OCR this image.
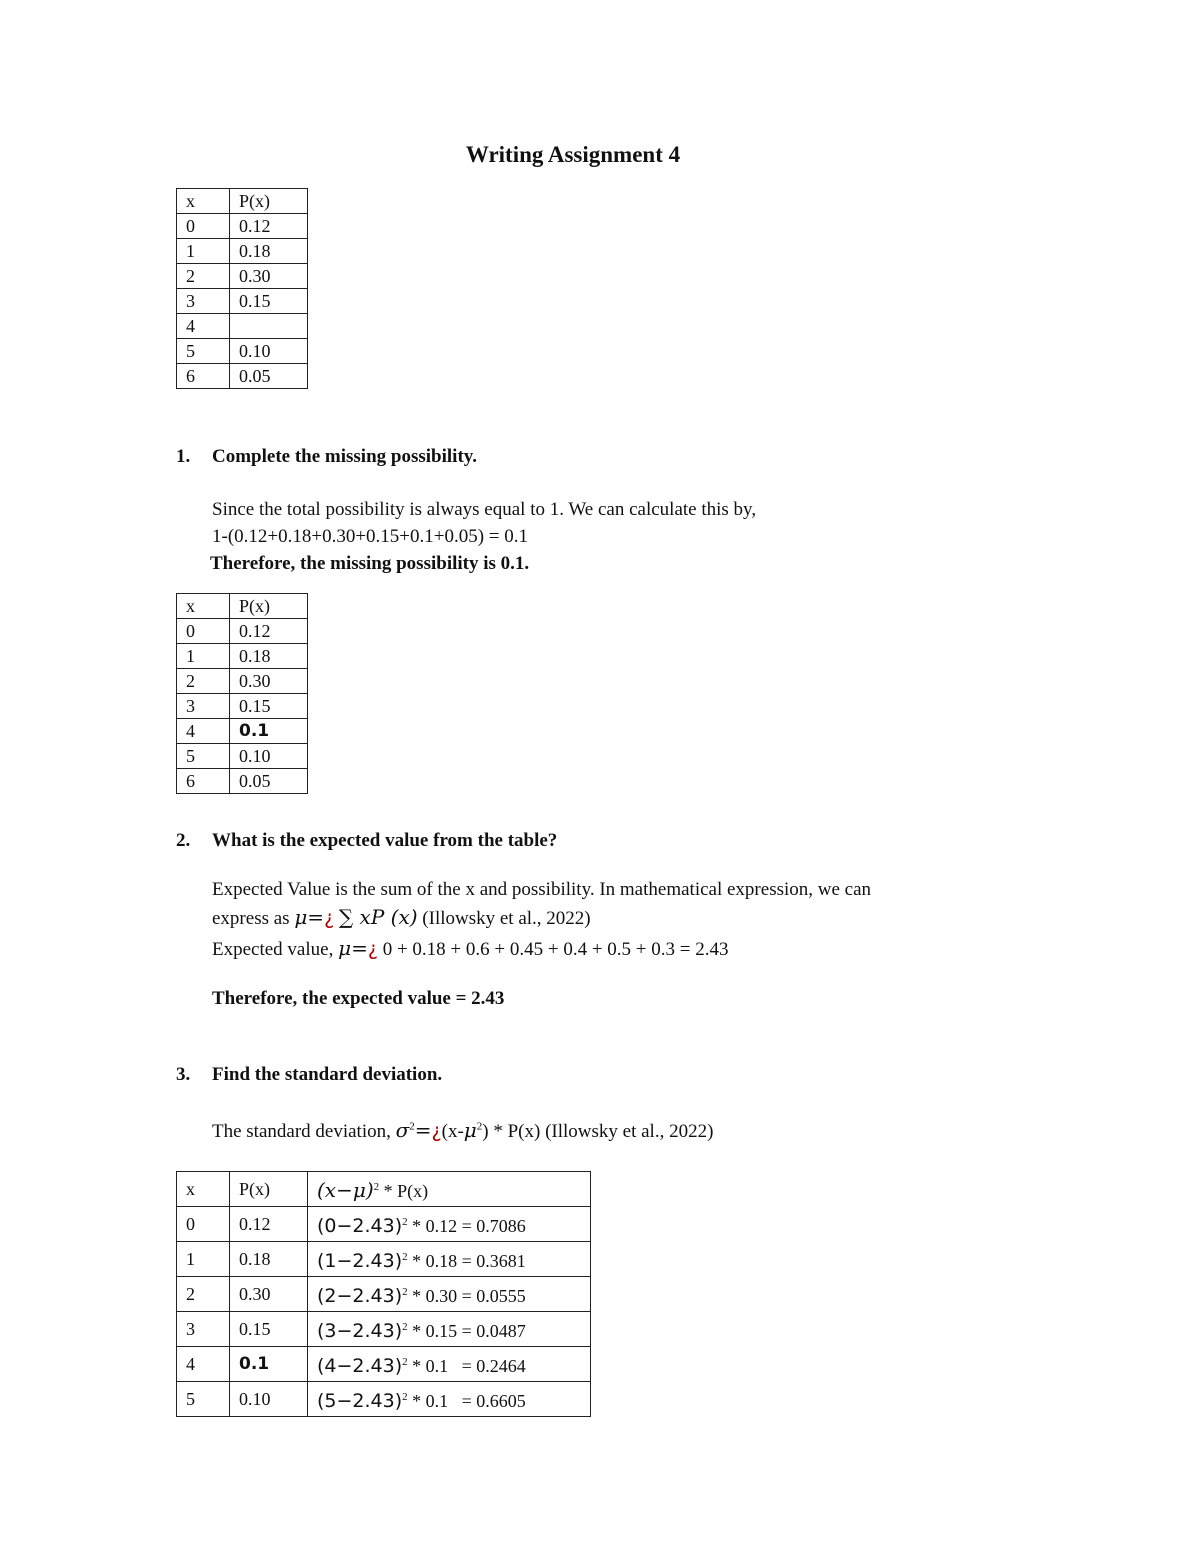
Writing Assignment 4
x	P(x)
0	0.12
1	0.18
2	0.30
3	0.15
4	
5	0.10
6	0.05
1. Complete the missing possibility.
Since the total possibility is always equal to 1. We can calculate this by,
1-(0.12+0.18+0.30+0.15+0.1+0.05) = 0.1
Therefore, the missing possibility is 0.1.
x	P(x)
0	0.12
1	0.18
2	0.30
3	0.15
4	0.1
5	0.10
6	0.05
2. What is the expected value from the table?
Expected Value is the sum of the x and possibility. In mathematical expression, we can
express as μ=¿ ∑ xP (x) (Illowsky et al., 2022)
Expected value, μ=¿ 0 + 0.18 + 0.6 + 0.45 + 0.4 + 0.5 + 0.3 = 2.43
Therefore, the expected value = 2.43
3. Find the standard deviation.
The standard deviation, $\sigma^2=¿(x-\mu^2) * P(x)$ (Illowsky et al., 2022)
x	P(x)	$(x-\mu)^2 * P(x)$
0	0.12	$(0-2.43)^2 * 0.12 = 0.7086$
1	0.18	$(1-2.43)^2 * 0.18 = 0.3681$
2	0.30	$(2-2.43)^2 * 0.30 = 0.0555$
3	0.15	$(3-2.43)^2 * 0.15 = 0.0487$
4	0.1	$(4-2.43)^2 * 0.1 = 0.2464$
5	0.10	$(5-2.43)^2 * 0.1 = 0.6605$
